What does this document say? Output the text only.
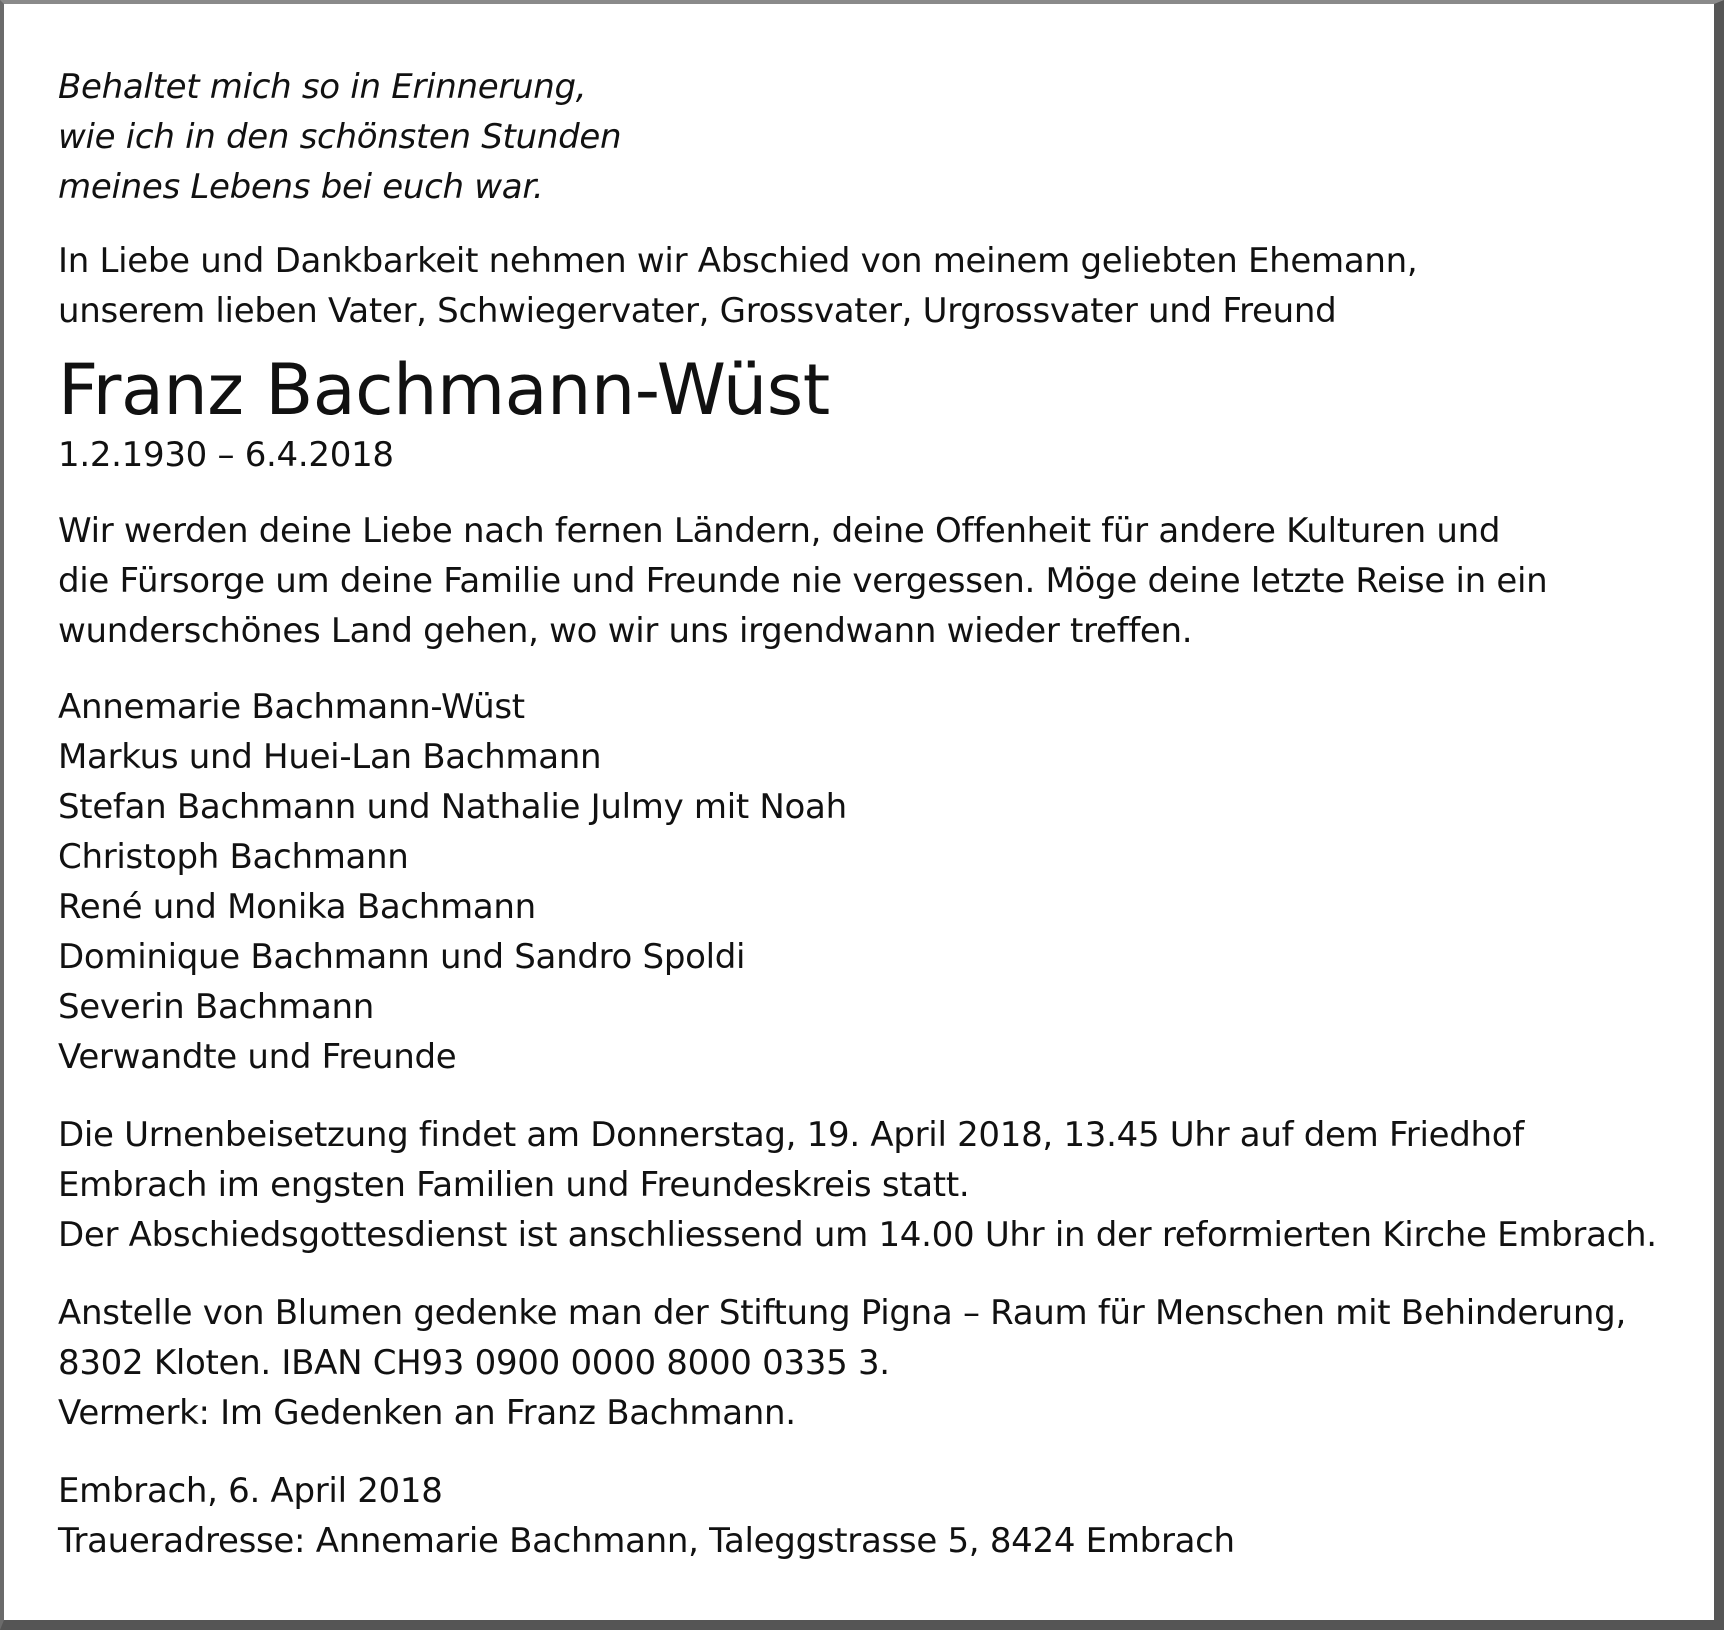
Behaltet mich so in Erinnerung,
wie ich in den schönsten Stunden
meines Lebens bei euch war.
In Liebe und Dankbarkeit nehmen wir Abschied von meinem geliebten Ehemann,
unserem lieben Vater, Schwiegervater, Grossvater, Urgrossvater und Freund
Franz Bachmann-Wüst
1.2.1930 – 6.4.2018
Wir werden deine Liebe nach fernen Ländern, deine Offenheit für andere Kulturen und
die Fürsorge um deine Familie und Freunde nie vergessen. Möge deine letzte Reise in ein
wunderschönes Land gehen, wo wir uns irgendwann wieder treffen.
Annemarie Bachmann-Wüst
Markus und Huei-Lan Bachmann
Stefan Bachmann und Nathalie Julmy mit Noah
Christoph Bachmann
René und Monika Bachmann
Dominique Bachmann und Sandro Spoldi
Severin Bachmann
Verwandte und Freunde
Die Urnenbeisetzung findet am Donnerstag, 19. April 2018, 13.45 Uhr auf dem Friedhof
Embrach im engsten Familien und Freundeskreis statt.
Der Abschiedsgottesdienst ist anschliessend um 14.00 Uhr in der reformierten Kirche Embrach.
Anstelle von Blumen gedenke man der Stiftung Pigna – Raum für Menschen mit Behinderung,
8302 Kloten. IBAN CH93 0900 0000 8000 0335 3.
Vermerk: Im Gedenken an Franz Bachmann.
Embrach, 6. April 2018
Traueradresse: Annemarie Bachmann, Taleggstrasse 5, 8424 Embrach
